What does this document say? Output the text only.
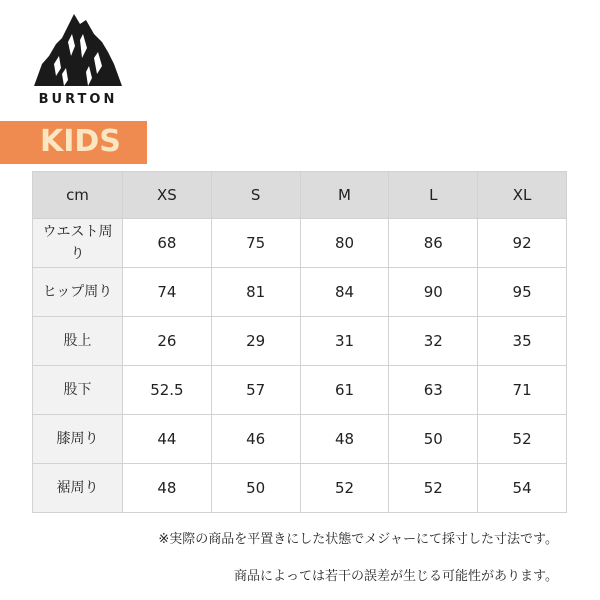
BURTON
KIDS
cm	XS	S	M	L	XL
ウエスト周り	68	75	80	86	92
ヒップ周り	74	81	84	90	95
股上	26	29	31	32	35
股下	52.5	57	61	63	71
膝周り	44	46	48	50	52
裾周り	48	50	52	52	54
※実際の商品を平置きにした状態でメジャーにて採寸した寸法です。
商品によっては若干の誤差が生じる可能性があります。
